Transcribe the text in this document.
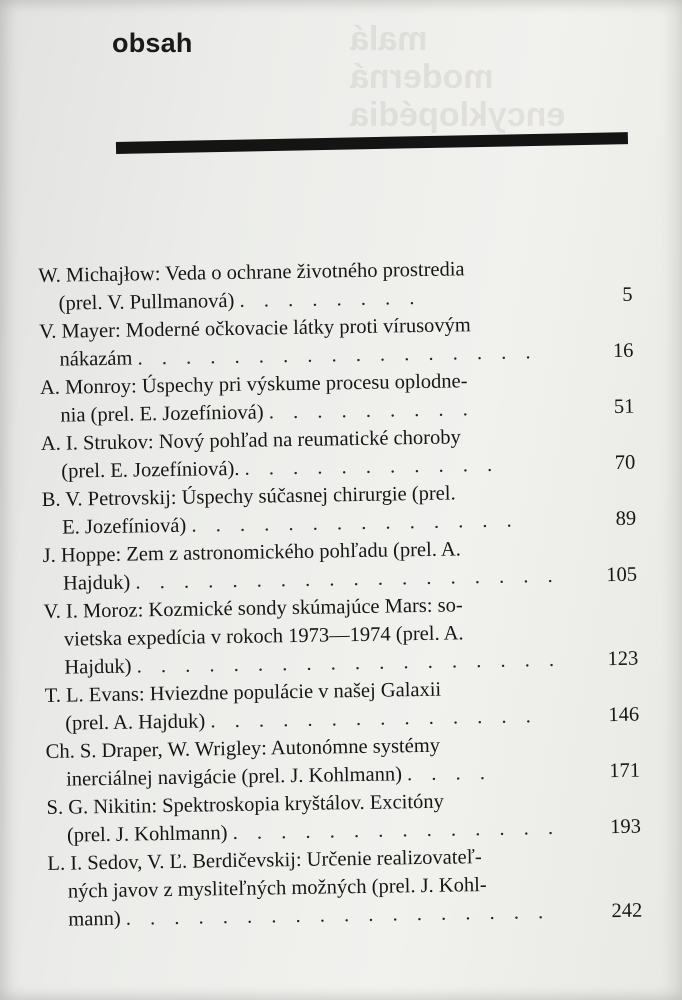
malá
moderná
encyklopédia
obsah
W. Michajłow: Veda o ochrane životného prostredia
(prel. V. Pullmanová) . . . . . . . .	5
V. Mayer: Moderné očkovacie látky proti vírusovým
nákazám . . . . . . . . . . . . . . . . .	16
A. Monroy: Úspechy pri výskume procesu oplodne-
nia (prel. E. Jozefíniová) . . . . . . . . .	51
A. I. Strukov: Nový pohľad na reumatické choroby
(prel. E. Jozefíniová). . . . . . . . . . . .	70
B. V. Petrovskij: Úspechy súčasnej chirurgie (prel.
E. Jozefíniová) . . . . . . . . . . . . . .	89
J. Hoppe: Zem z astronomického pohľadu (prel. A.
Hajduk) . . . . . . . . . . . . . . . . . .	105
V. I. Moroz: Kozmické sondy skúmajúce Mars: so-
vietska expedícia v rokoch 1973—1974 (prel. A.
Hajduk) . . . . . . . . . . . . . . . . . .	123
T. L. Evans: Hviezdne populácie v našej Galaxii
(prel. A. Hajduk) . . . . . . . . . . . . . .	146
Ch. S. Draper, W. Wrigley: Autonómne systémy
inerciálnej navigácie (prel. J. Kohlmann) . . . .	171
S. G. Nikitin: Spektroskopia kryštálov. Excitóny
(prel. J. Kohlmann) . . . . . . . . . . . . . .	193
L. I. Sedov, V. Ľ. Berdičevskij: Určenie realizovateľ-
ných javov z mysliteľných možných (prel. J. Kohl-
mann) . . . . . . . . . . . . . . . . . .	242
